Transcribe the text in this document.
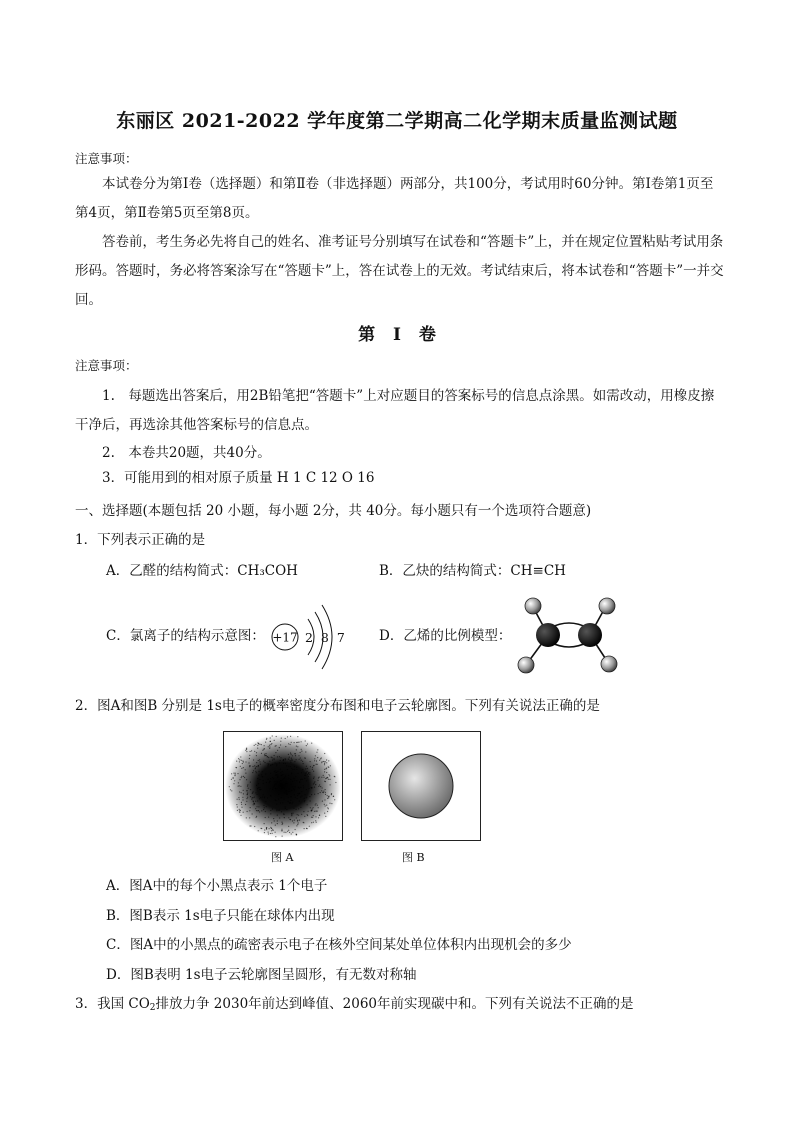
东丽区 2021-2022 学年度第二学期高二化学期末质量监测试题
注意事项：
本试卷分为第Ⅰ卷（选择题）和第Ⅱ卷（非选择题）两部分，共100分，考试用时60分钟。第Ⅰ卷第1页至第4页，第Ⅱ卷第5页至第8页。
答卷前，考生务必先将自己的姓名、准考证号分别填写在试卷和“答题卡”上，并在规定位置粘贴考试用条形码。答题时，务必将答案涂写在“答题卡”上，答在试卷上的无效。考试结束后，将本试卷和“答题卡”一并交回。
第 Ⅰ 卷
注意事项：
1.　每题选出答案后，用2B铅笔把“答题卡”上对应题目的答案标号的信息点涂黑。如需改动，用橡皮擦干净后，再选涂其他答案标号的信息点。
2.　本卷共20题，共40分。
3．可能用到的相对原子质量 H 1 C 12 O 16
一、选择题(本题包括 20 小题，每小题 2分，共 40分。每小题只有一个选项符合题意)
1．下列表示正确的是
A．乙醛的结构简式：CH₃COH	B．乙炔的结构简式：CH≡CH
C．氯离子的结构示意图：	D．乙烯的比例模型：
+17 2 8 7
2．图A和图B 分别是 1s电子的概率密度分布图和电子云轮廓图。下列有关说法正确的是
图 A	图 B
A．图A中的每个小黑点表示 1个电子
B．图B表示 1s电子只能在球体内出现
C．图A中的小黑点的疏密表示电子在核外空间某处单位体积内出现机会的多少
D．图B表明 1s电子云轮廓图呈圆形，有无数对称轴
3．我国 $CO_2$排放力争 2030年前达到峰值、2060年前实现碳中和。下列有关说法不正确的是
